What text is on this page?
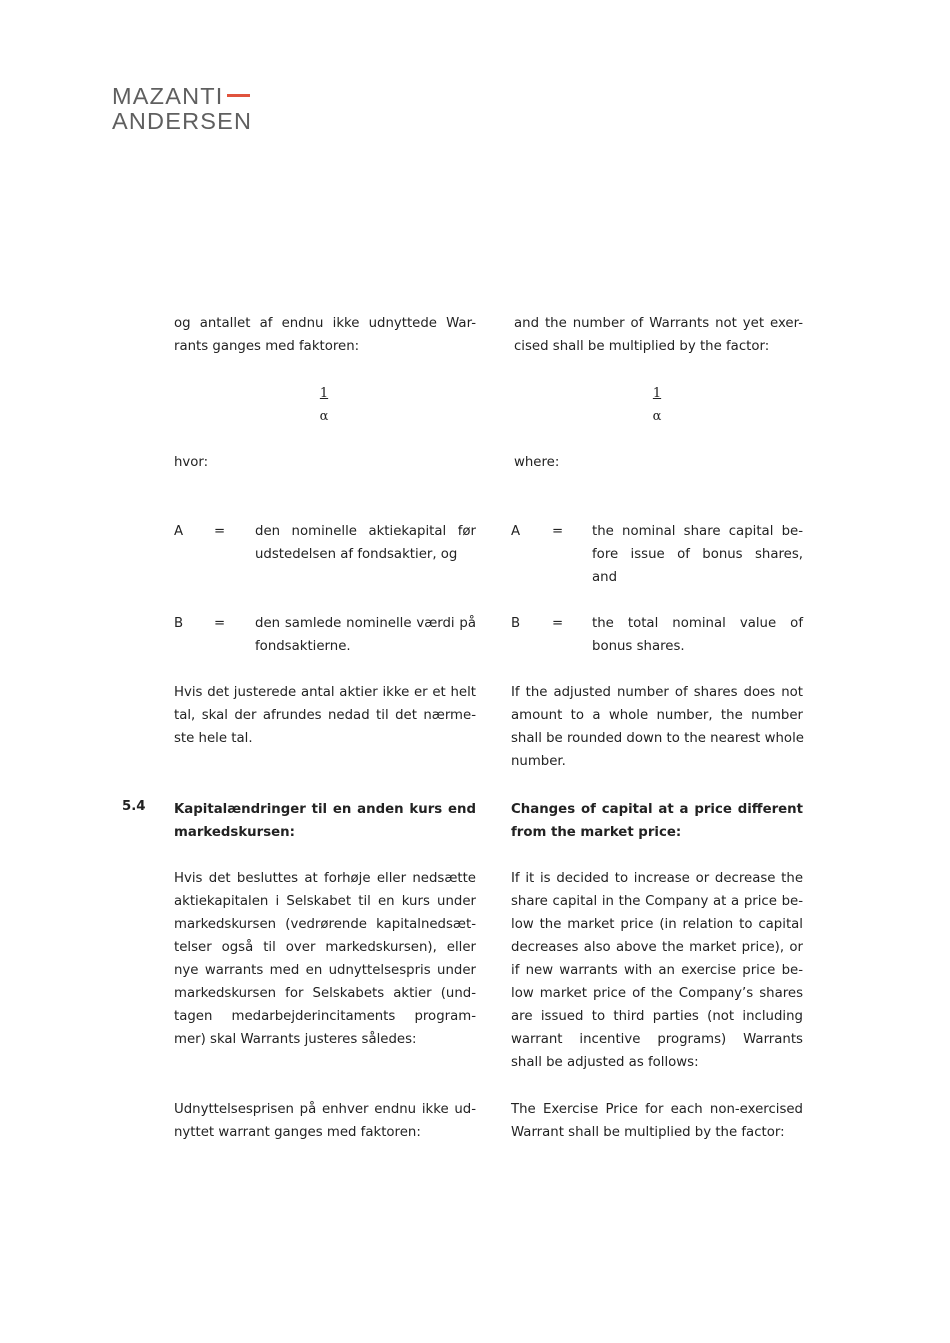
MAZANTI
ANDERSEN
og antallet af endnu ikke udnyttede War-
rants ganges med faktoren:
$\frac{1}{\alpha}$
hvor:
A = den nominelle aktiekapital før
udstedelsen af fondsaktier, og
B = den samlede nominelle værdi på
fondsaktierne.
Hvis det justerede antal aktier ikke er et helt
tal, skal der afrundes nedad til det nærme-
ste hele tal.
5.4 Kapitalændringer til en anden kurs end
markedskursen:
Hvis det besluttes at forhøje eller nedsætte
aktiekapitalen i Selskabet til en kurs under
markedskursen (vedrørende kapitalnedsæt-
telser også til over markedskursen), eller
nye warrants med en udnyttelsespris under
markedskursen for Selskabets aktier (und-
tagen medarbejderincitaments program-
mer) skal Warrants justeres således:
Udnyttelsesprisen på enhver endnu ikke ud-
nyttet warrant ganges med faktoren:
and the number of Warrants not yet exer-
cised shall be multiplied by the factor:
$\frac{1}{\alpha}$
where:
A = the nominal share capital be-
fore issue of bonus shares,
and
B = the total nominal value of
bonus shares.
If the adjusted number of shares does not
amount to a whole number, the number
shall be rounded down to the nearest whole
number.
Changes of capital at a price different
from the market price:
If it is decided to increase or decrease the
share capital in the Company at a price be-
low the market price (in relation to capital
decreases also above the market price), or
if new warrants with an exercise price be-
low market price of the Company’s shares
are issued to third parties (not including
warrant incentive programs) Warrants
shall be adjusted as follows:
The Exercise Price for each non-exercised
Warrant shall be multiplied by the factor:
